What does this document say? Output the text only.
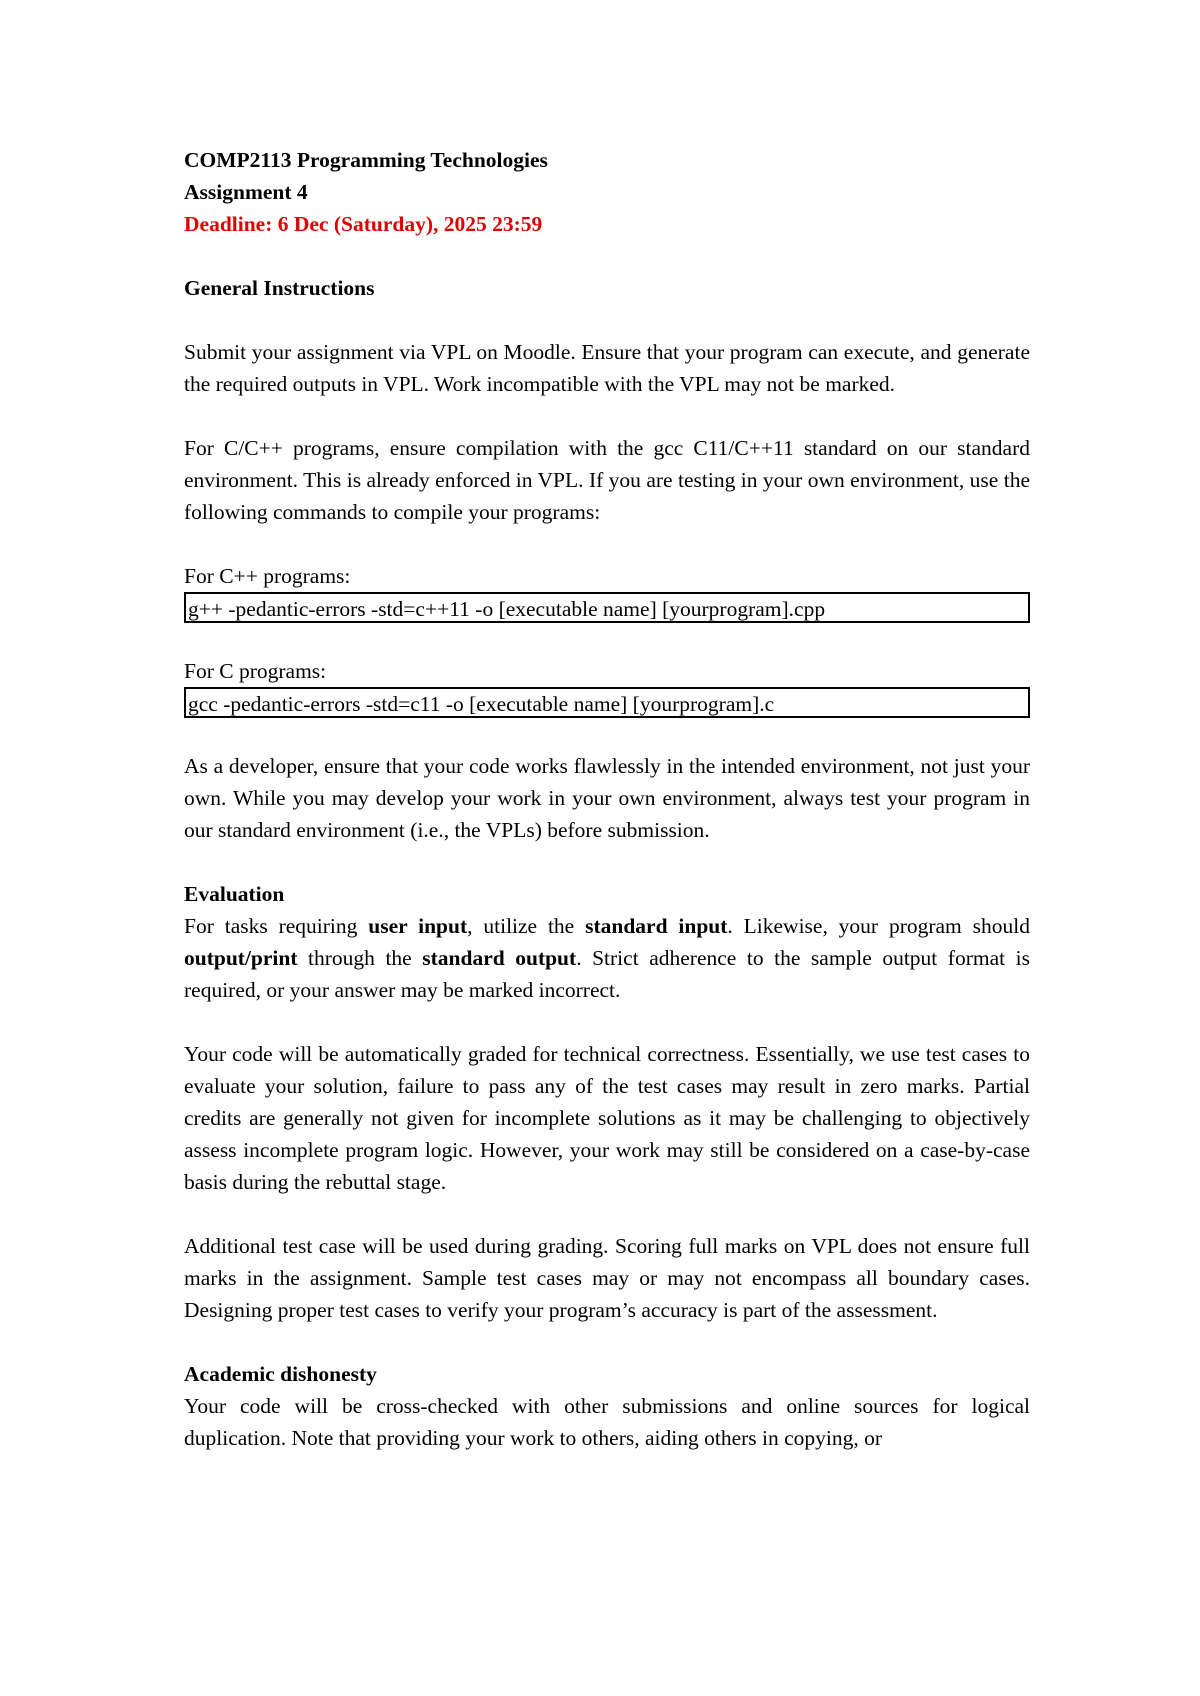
COMP2113 Programming Technologies

Assignment 4

Deadline: 6 Dec (Saturday), 2025 23:59

General Instructions

Submit your assignment via VPL on Moodle. Ensure that your program can execute, and generate the required outputs in VPL. Work incompatible with the VPL may not be marked.

For C/C++ programs, ensure compilation with the gcc C11/C++11 standard on our standard environment. This is already enforced in VPL. If you are testing in your own environment, use the following commands to compile your programs:

For C++ programs:

g++ -pedantic-errors -std=c++11 -o [executable name] [yourprogram].cpp

For C programs:

gcc -pedantic-errors -std=c11 -o [executable name] [yourprogram].c

As a developer, ensure that your code works flawlessly in the intended environment, not just your own. While you may develop your work in your own environment, always test your program in our standard environment (i.e., the VPLs) before submission.

Evaluation

For tasks requiring user input, utilize the standard input. Likewise, your program should output/print through the standard output. Strict adherence to the sample output format is required, or your answer may be marked incorrect.

Your code will be automatically graded for technical correctness. Essentially, we use test cases to evaluate your solution, failure to pass any of the test cases may result in zero marks. Partial credits are generally not given for incomplete solutions as it may be challenging to objectively assess incomplete program logic. However, your work may still be considered on a case-by-case basis during the rebuttal stage.

Additional test case will be used during grading. Scoring full marks on VPL does not ensure full marks in the assignment. Sample test cases may or may not encompass all boundary cases. Designing proper test cases to verify your program’s accuracy is part of the assessment.

Academic dishonesty

Your code will be cross-checked with other submissions and online sources for logical duplication. Note that providing your work to others, aiding others in copying, or
